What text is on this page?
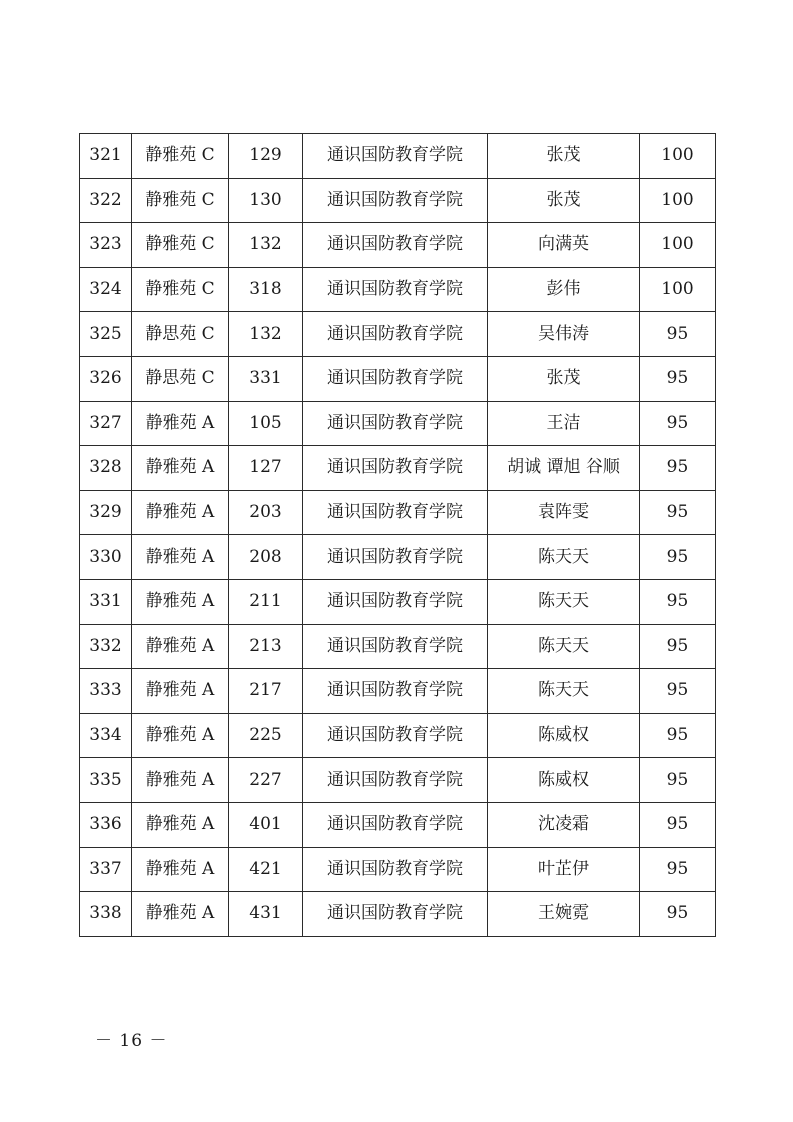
321	静雅苑 C	129	通识国防教育学院	张茂	100
322	静雅苑 C	130	通识国防教育学院	张茂	100
323	静雅苑 C	132	通识国防教育学院	向满英	100
324	静雅苑 C	318	通识国防教育学院	彭伟	100
325	静思苑 C	132	通识国防教育学院	吴伟涛	95
326	静思苑 C	331	通识国防教育学院	张茂	95
327	静雅苑 A	105	通识国防教育学院	王洁	95
328	静雅苑 A	127	通识国防教育学院	胡诚 谭旭 谷顺	95
329	静雅苑 A	203	通识国防教育学院	袁阵雯	95
330	静雅苑 A	208	通识国防教育学院	陈天天	95
331	静雅苑 A	211	通识国防教育学院	陈天天	95
332	静雅苑 A	213	通识国防教育学院	陈天天	95
333	静雅苑 A	217	通识国防教育学院	陈天天	95
334	静雅苑 A	225	通识国防教育学院	陈威权	95
335	静雅苑 A	227	通识国防教育学院	陈威权	95
336	静雅苑 A	401	通识国防教育学院	沈凌霜	95
337	静雅苑 A	421	通识国防教育学院	叶芷伊	95
338	静雅苑 A	431	通识国防教育学院	王婉霓	95
－ 16 －
